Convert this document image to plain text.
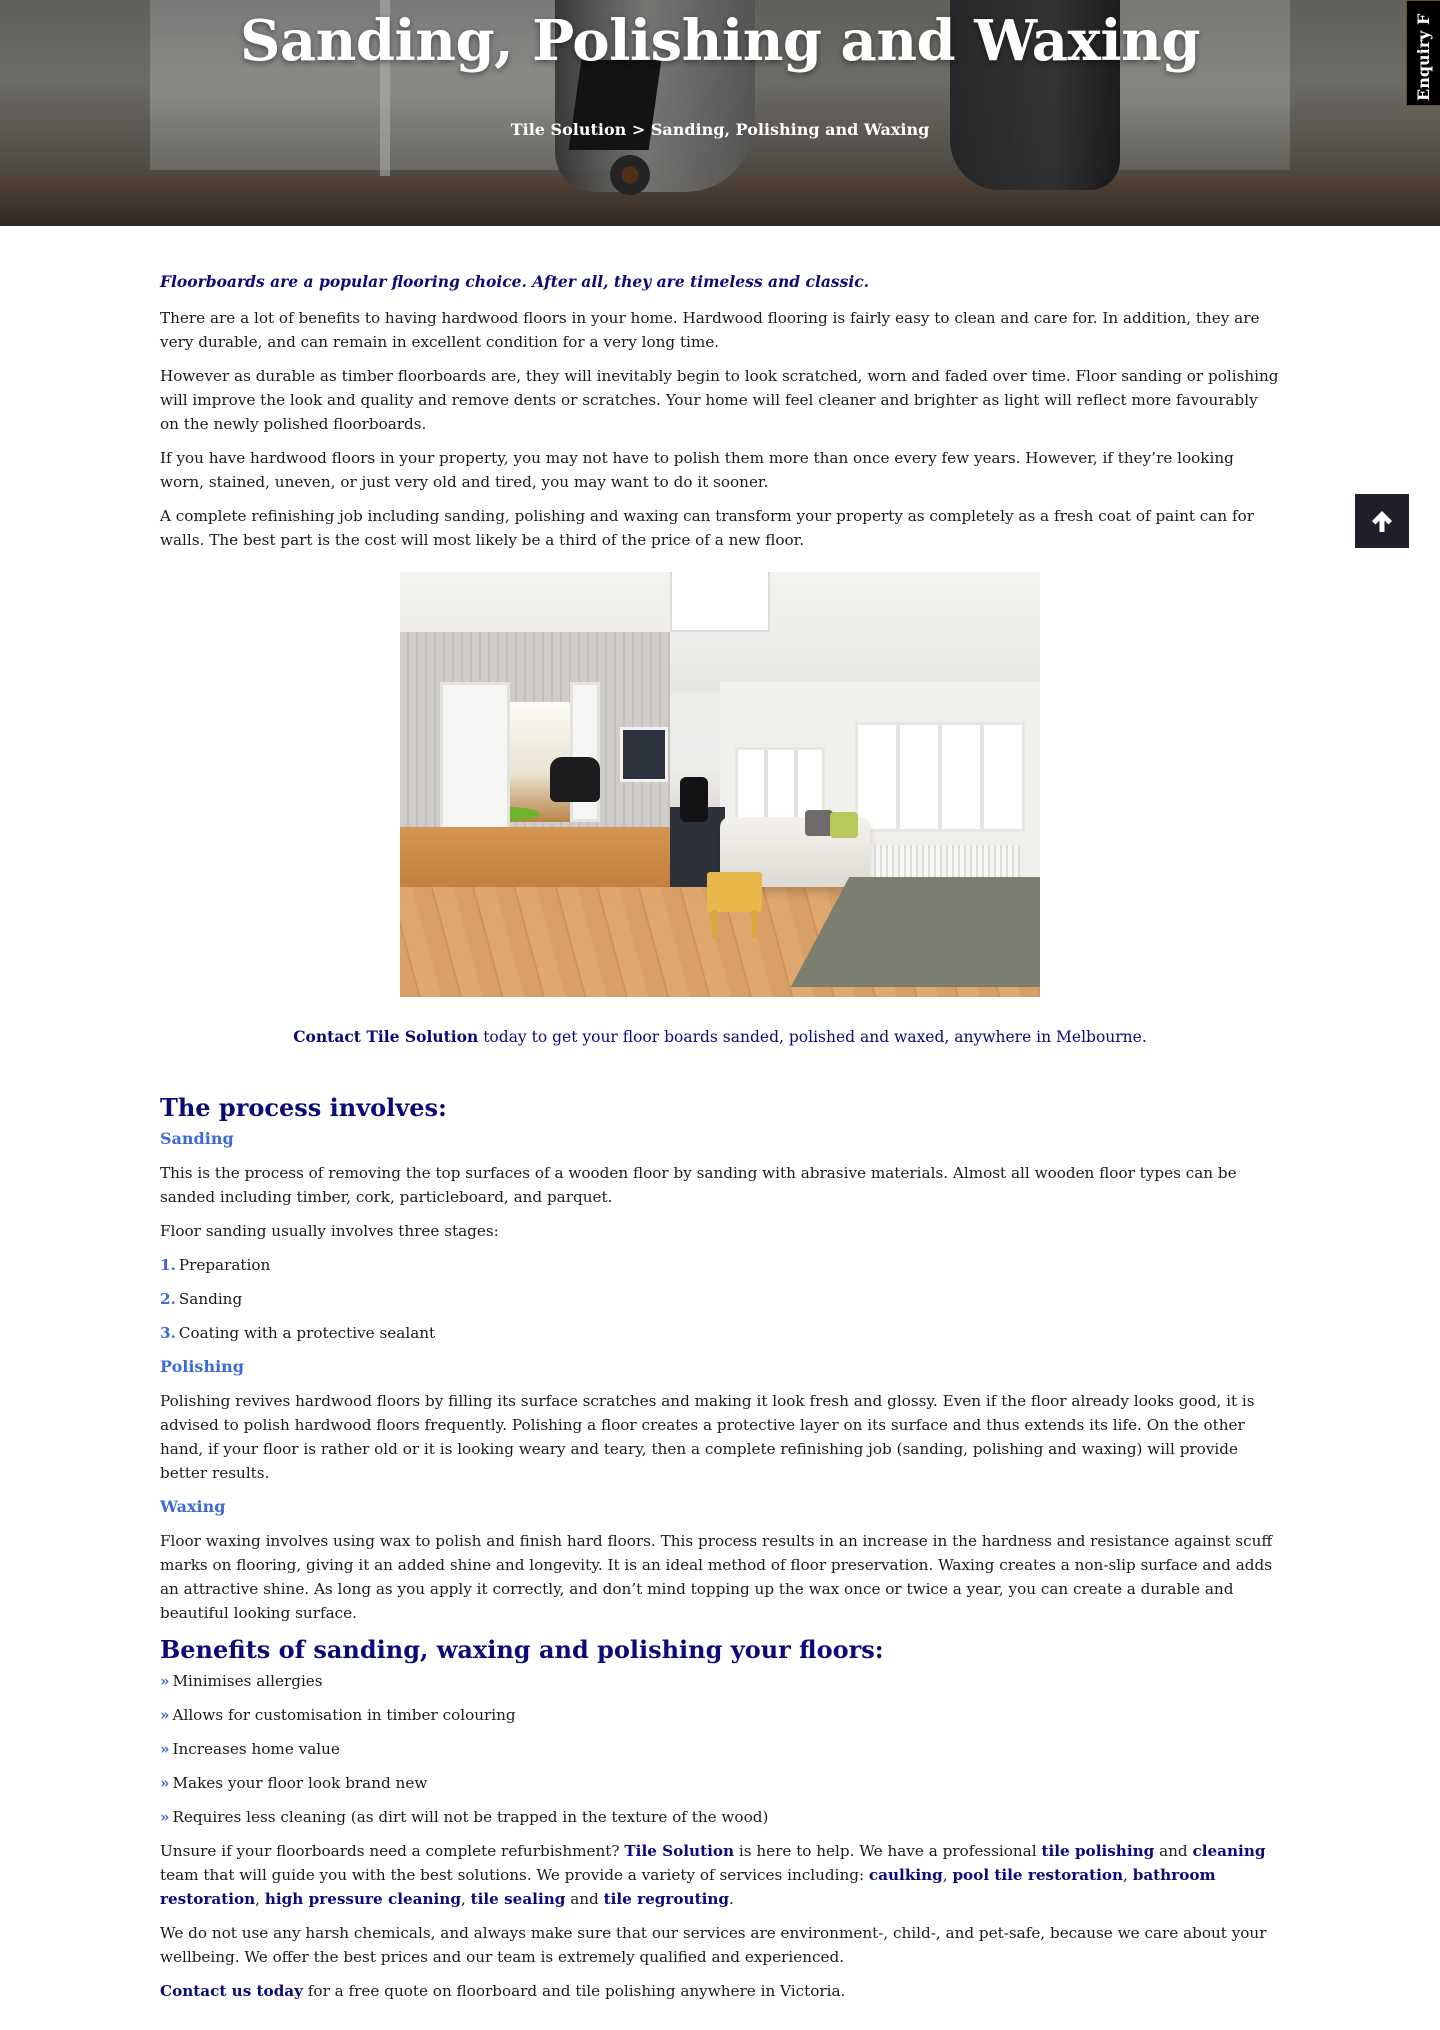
Sanding, Polishing and Waxing
Tile Solution > Sanding, Polishing and Waxing
Enquiry F

Floorboards are a popular flooring choice. After all, they are timeless and classic.

There are a lot of benefits to having hardwood floors in your home. Hardwood flooring is fairly easy to clean and care for. In addition, they are very durable, and can remain in excellent condition for a very long time.

However as durable as timber floorboards are, they will inevitably begin to look scratched, worn and faded over time. Floor sanding or polishing will improve the look and quality and remove dents or scratches. Your home will feel cleaner and brighter as light will reflect more favourably on the newly polished floorboards.

If you have hardwood floors in your property, you may not have to polish them more than once every few years. However, if they’re looking worn, stained, uneven, or just very old and tired, you may want to do it sooner.

A complete refinishing job including sanding, polishing and waxing can transform your property as completely as a fresh coat of paint can for walls. The best part is the cost will most likely be a third of the price of a new floor.

Contact Tile Solution today to get your floor boards sanded, polished and waxed, anywhere in Melbourne.

The process involves:
Sanding

This is the process of removing the top surfaces of a wooden floor by sanding with abrasive materials. Almost all wooden floor types can be sanded including timber, cork, particleboard, and parquet.

Floor sanding usually involves three stages:

1. Preparation
2. Sanding
3. Coating with a protective sealant
Polishing

Polishing revives hardwood floors by filling its surface scratches and making it look fresh and glossy. Even if the floor already looks good, it is advised to polish hardwood floors frequently. Polishing a floor creates a protective layer on its surface and thus extends its life. On the other hand, if your floor is rather old or it is looking weary and teary, then a complete refinishing job (sanding, polishing and waxing) will provide better results.

Waxing

Floor waxing involves using wax to polish and finish hard floors. This process results in an increase in the hardness and resistance against scuff marks on flooring, giving it an added shine and longevity. It is an ideal method of floor preservation. Waxing creates a non-slip surface and adds an attractive shine. As long as you apply it correctly, and don’t mind topping up the wax once or twice a year, you can create a durable and beautiful looking surface.

Benefits of sanding, waxing and polishing your floors:
» Minimises allergies
» Allows for customisation in timber colouring
» Increases home value
» Makes your floor look brand new
» Requires less cleaning (as dirt will not be trapped in the texture of the wood)

Unsure if your floorboards need a complete refurbishment? Tile Solution is here to help. We have a professional tile polishing and cleaning team that will guide you with the best solutions. We provide a variety of services including: caulking, pool tile restoration, bathroom restoration, high pressure cleaning, tile sealing and tile regrouting.

We do not use any harsh chemicals, and always make sure that our services are environment-, child-, and pet-safe, because we care about your wellbeing. We offer the best prices and our team is extremely qualified and experienced.

Contact us today for a free quote on floorboard and tile polishing anywhere in Victoria.
